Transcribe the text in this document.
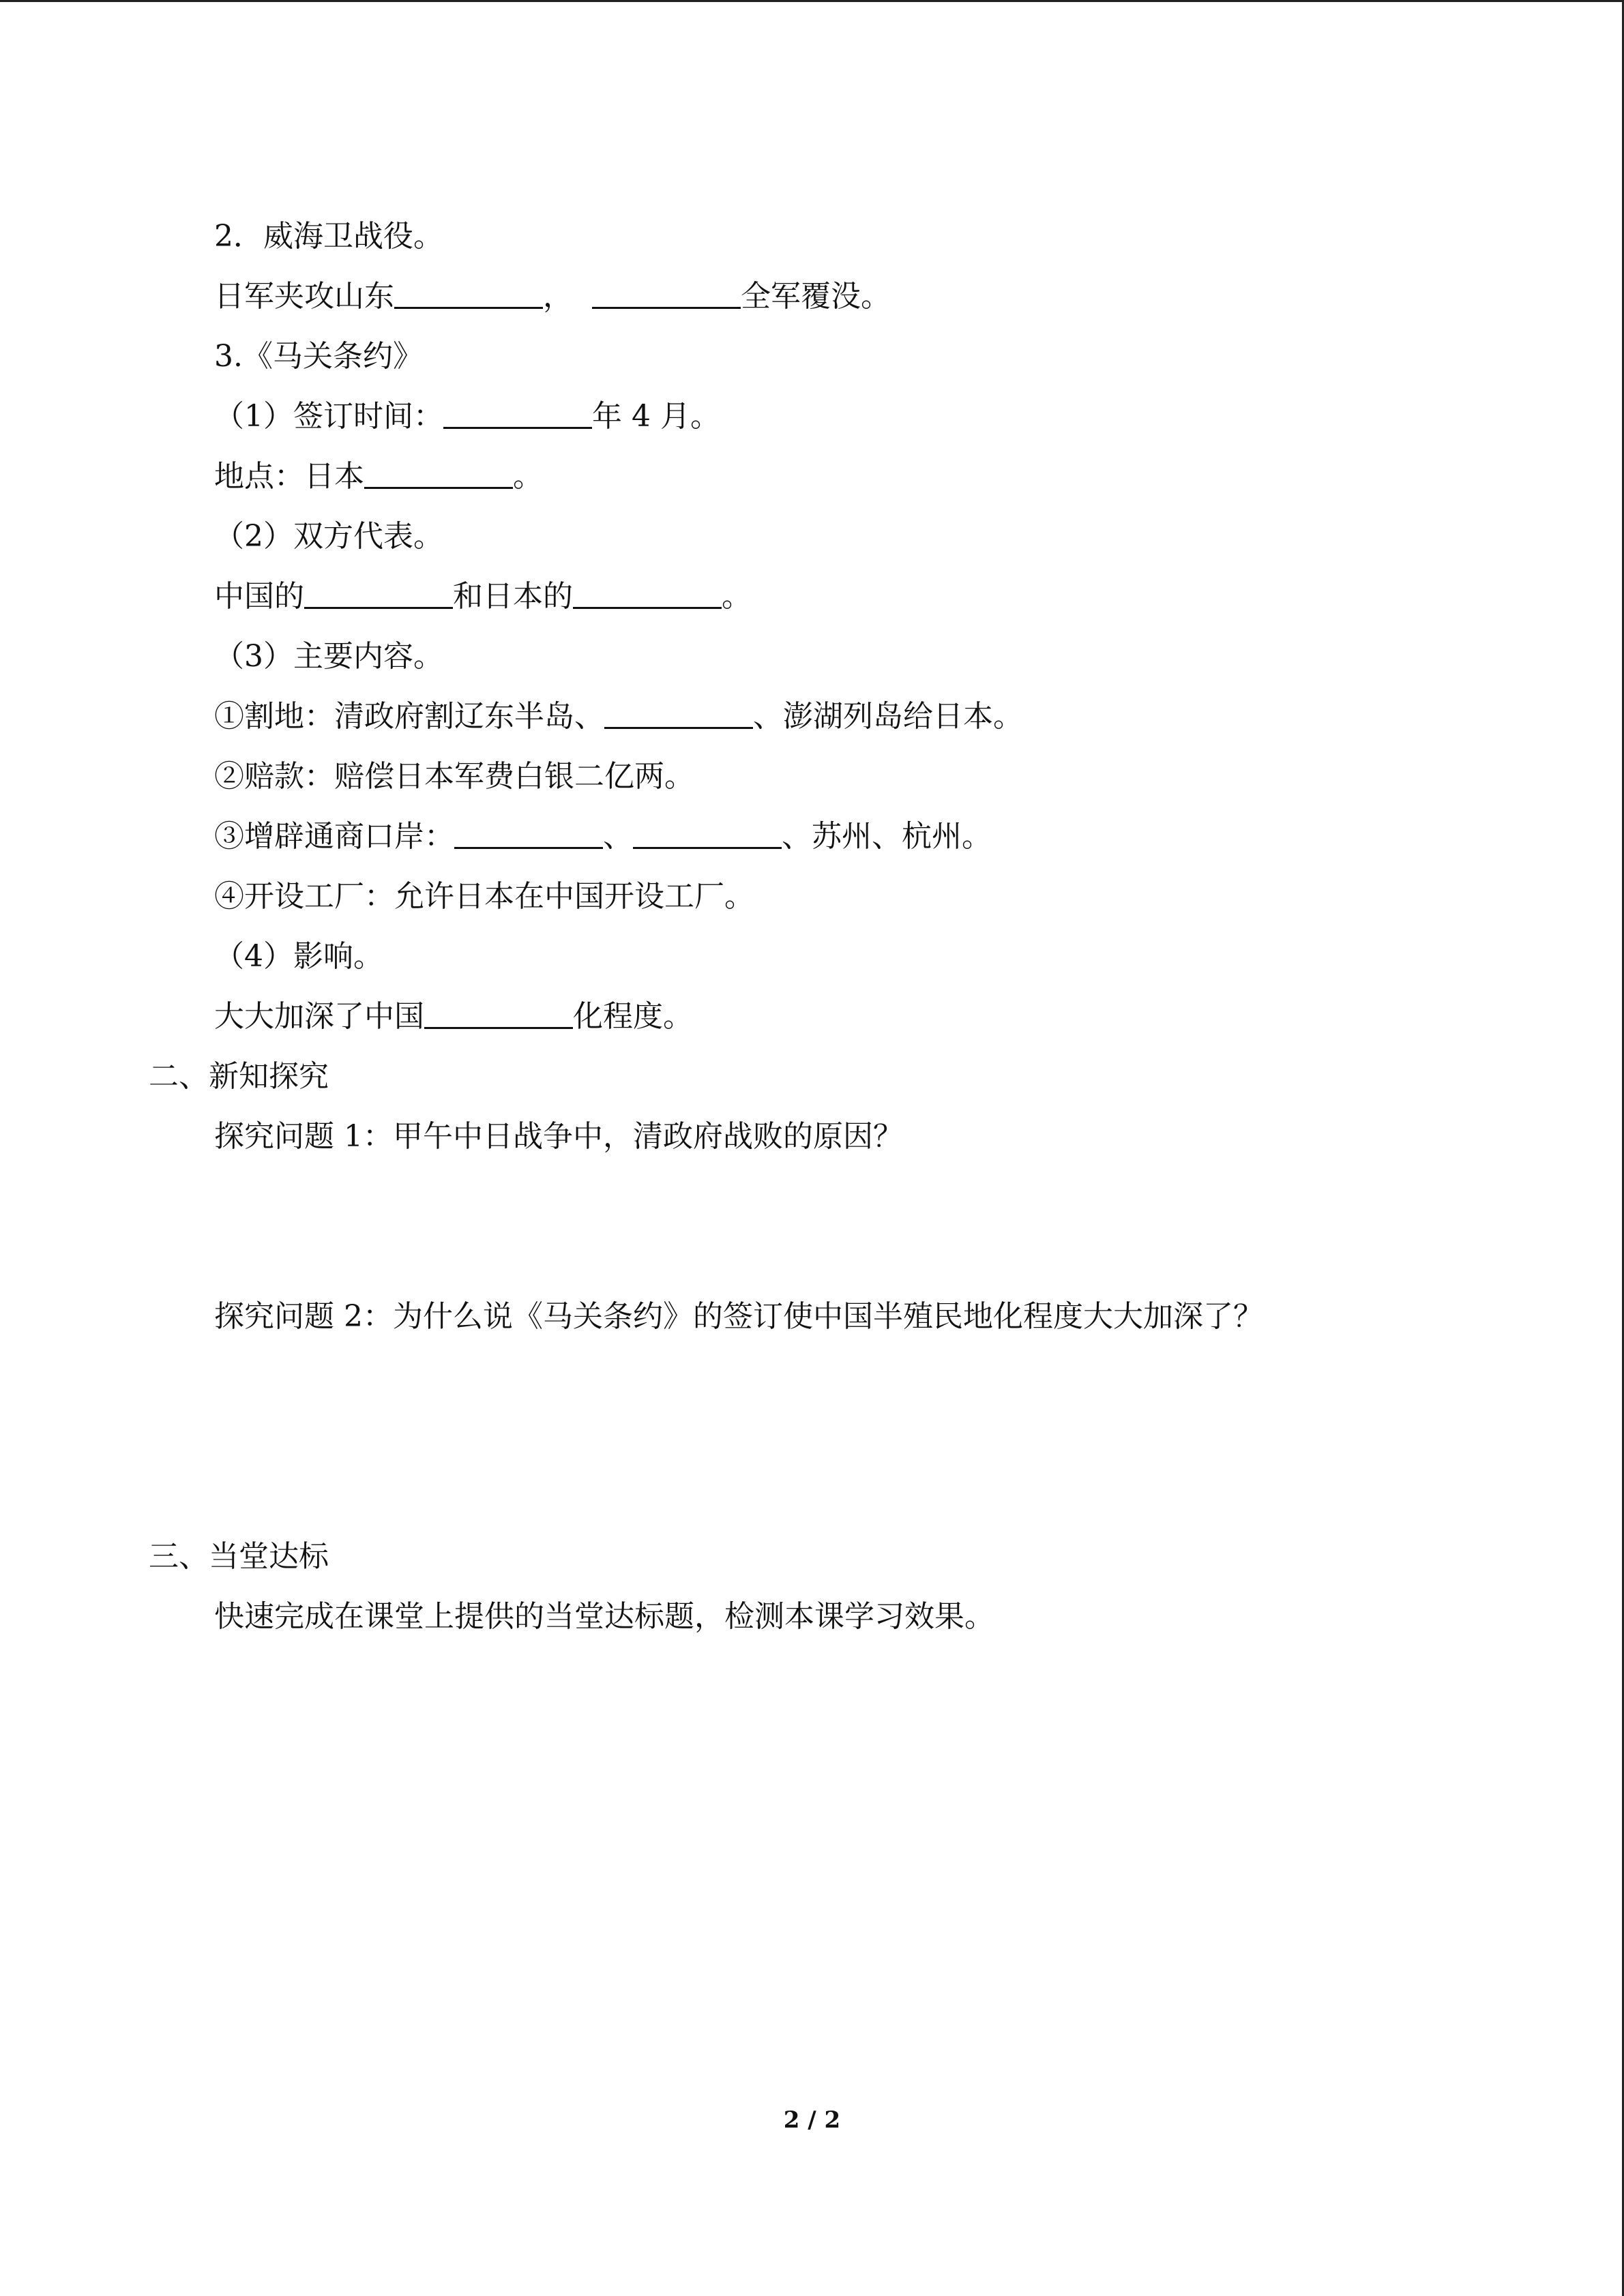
2．威海卫战役。
日军夹攻山东	，	全军覆没。
3.《马关条约》
（1）签订时间：	年 4 月。
地点：日本	。
（2）双方代表。
中国的	和日本的	。
（3）主要内容。
①割地：清政府割辽东半岛、	、澎湖列岛给日本。
②赔款：赔偿日本军费白银二亿两。
③增辟通商口岸：	、	、苏州、杭州。
④开设工厂：允许日本在中国开设工厂。
（4）影响。
大大加深了中国	化程度。
二、新知探究
探究问题 1：甲午中日战争中，清政府战败的原因？
探究问题 2：为什么说《马关条约》的签订使中国半殖民地化程度大大加深了？
三、当堂达标
快速完成在课堂上提供的当堂达标题，检测本课学习效果。
2 / 2
